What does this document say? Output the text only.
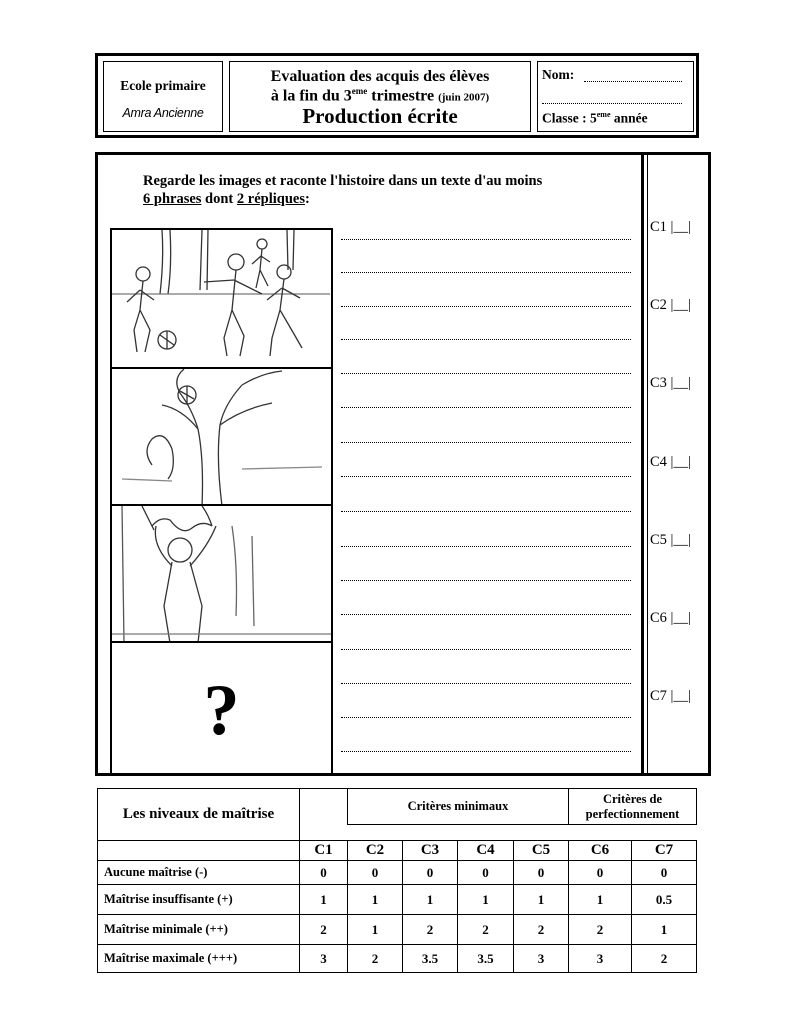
Ecole primaire
Amra Ancienne
Evaluation des acquis des élèves
à la fin du 3eme trimestre (juin 2007)
Production écrite
Nom:
Classe : 5eme année
Regarde les images et raconte l'histoire dans un texte d'au moins
6 phrases dont 2 répliques:
?
C1 |__|
C2 |__|
C3 |__|
C4 |__|
C5 |__|
C6 |__|
C7 |__|
Les niveaux de maîtrise		Critères minimaux				Critères de perfectionnement	

	C1	C2	C3	C4	C5	C6	C7
Aucune maîtrise (-)	0	0	0	0	0	0	0
Maîtrise insuffisante (+)	1	1	1	1	1	1	0.5
Maîtrise minimale (++)	2	1	2	2	2	2	1
Maîtrise maximale (+++)	3	2	3.5	3.5	3	3	2
